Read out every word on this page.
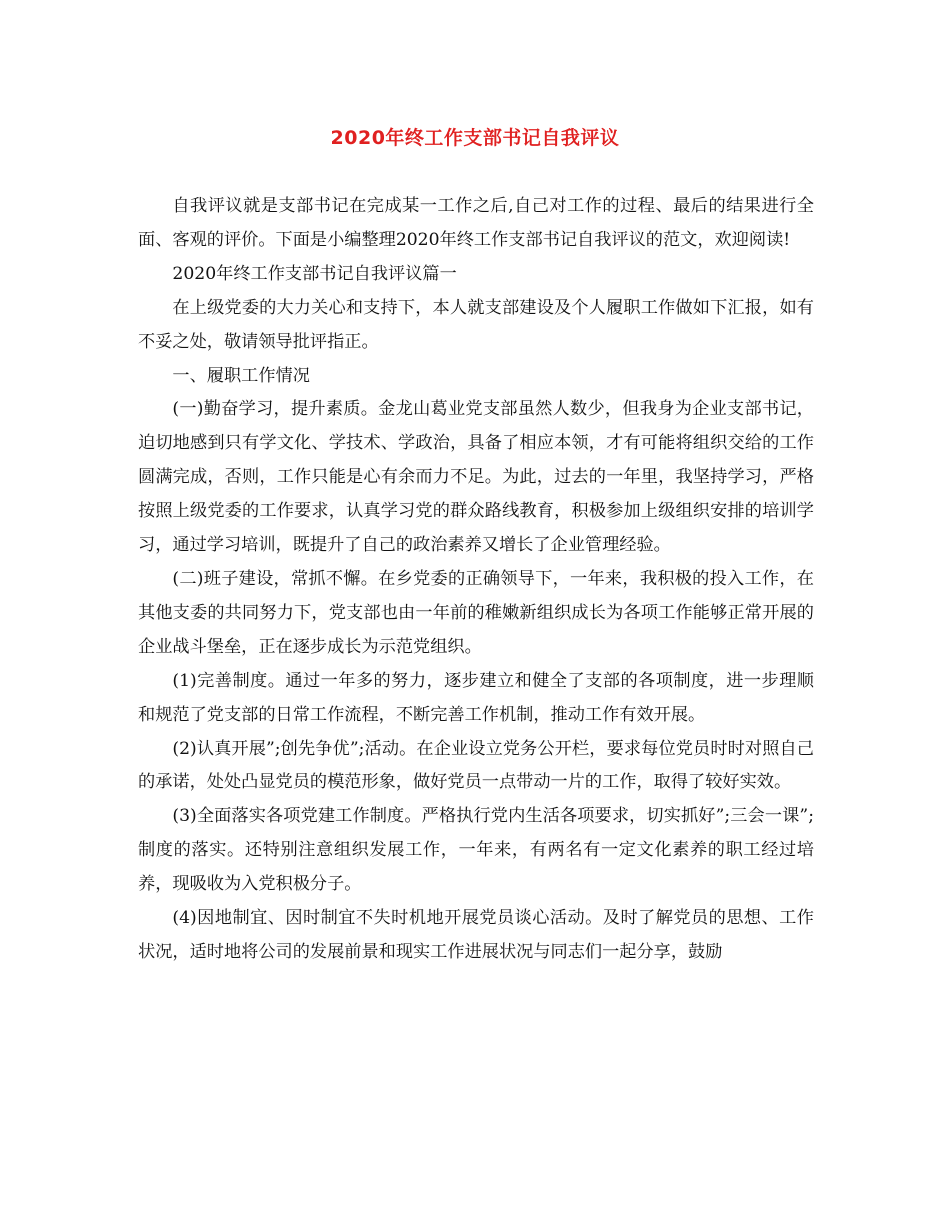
2020年终工作支部书记自我评议

自我评议就是支部书记在完成某一工作之后,自己对工作的过程、最后的结果进行全面、客观的评价。下面是小编整理2020年终工作支部书记自我评议的范文，欢迎阅读!

2020年终工作支部书记自我评议篇一

在上级党委的大力关心和支持下，本人就支部建设及个人履职工作做如下汇报，如有不妥之处，敬请领导批评指正。

一、履职工作情况

(一)勤奋学习，提升素质。金龙山葛业党支部虽然人数少，但我身为企业支部书记，迫切地感到只有学文化、学技术、学政治，具备了相应本领，才有可能将组织交给的工作圆满完成，否则，工作只能是心有余而力不足。为此，过去的一年里，我坚持学习，严格按照上级党委的工作要求，认真学习党的群众路线教育，积极参加上级组织安排的培训学习，通过学习培训，既提升了自己的政治素养又增长了企业管理经验。

(二)班子建设，常抓不懈。在乡党委的正确领导下，一年来，我积极的投入工作，在其他支委的共同努力下，党支部也由一年前的稚嫩新组织成长为各项工作能够正常开展的企业战斗堡垒，正在逐步成长为示范党组织。

(1)完善制度。通过一年多的努力，逐步建立和健全了支部的各项制度，进一步理顺和规范了党支部的日常工作流程，不断完善工作机制，推动工作有效开展。

(2)认真开展”;创先争优”;活动。在企业设立党务公开栏，要求每位党员时时对照自己的承诺，处处凸显党员的模范形象，做好党员一点带动一片的工作，取得了较好实效。

(3)全面落实各项党建工作制度。严格执行党内生活各项要求，切实抓好”;三会一课”;制度的落实。还特别注意组织发展工作，一年来，有两名有一定文化素养的职工经过培养，现吸收为入党积极分子。

(4)因地制宜、因时制宜不失时机地开展党员谈心活动。及时了解党员的思想、工作状况，适时地将公司的发展前景和现实工作进展状况与同志们一起分享，鼓励
